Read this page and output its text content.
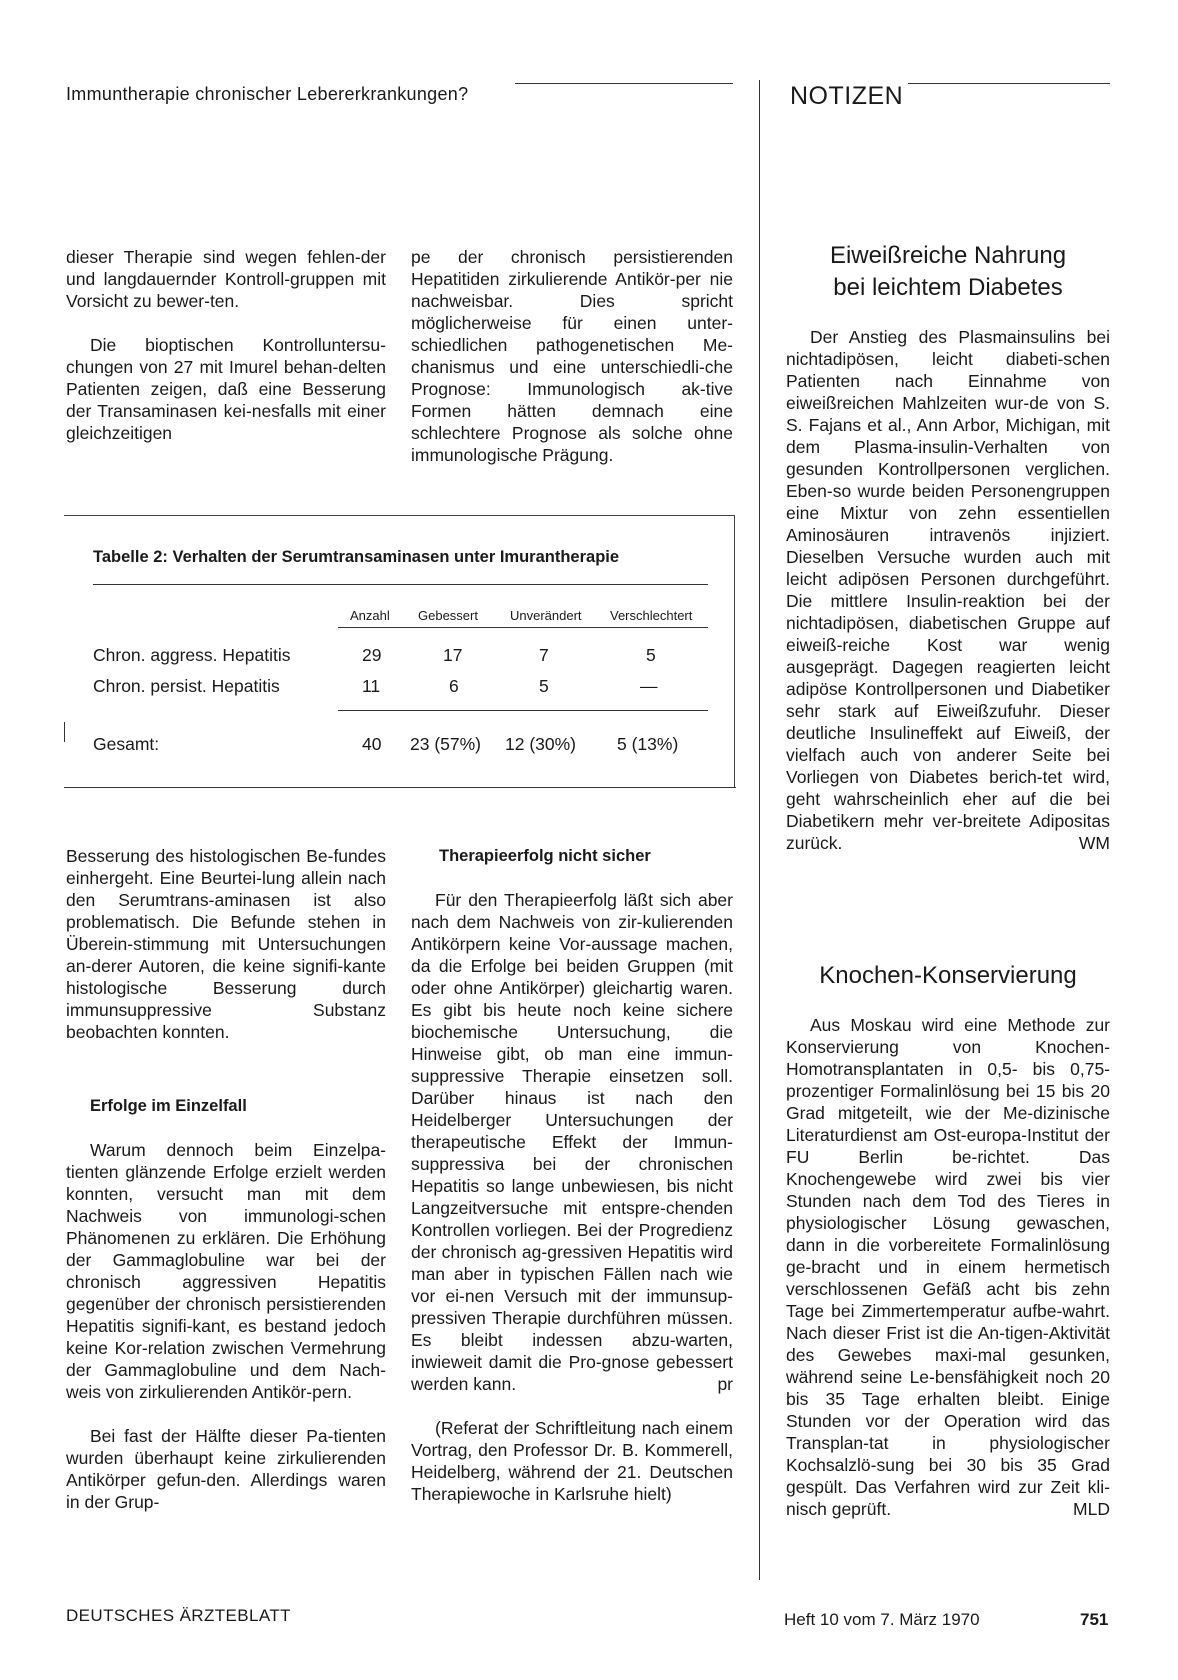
Immuntherapie chronischer Lebererkrankungen?	NOTIZEN

dieser Therapie sind wegen fehlen-der und langdauernder Kontroll-gruppen mit Vorsicht zu bewer-ten.

Die bioptischen Kontrolluntersu-chungen von 27 mit Imurel behan-delten Patienten zeigen, daß eine Besserung der Transaminasen kei-nesfalls mit einer gleichzeitigen

pe der chronisch persistierenden Hepatitiden zirkulierende Antikör-per nie nachweisbar. Dies spricht möglicherweise für einen unter-schiedlichen pathogenetischen Me-chanismus und eine unterschiedli-che Prognose: Immunologisch ak-tive Formen hätten demnach eine schlechtere Prognose als solche ohne immunologische Prägung.

Tabelle 2: Verhalten der Serumtransaminasen unter Imurantherapie
Anzahl Gebessert Unverändert Verschlechtert
Chron. aggress. Hepatitis	29	17	7	5
Chron. persist. Hepatitis	11	6	5	—
Gesamt:	40 23 (57%) 12 (30%) 5 (13%)

Besserung des histologischen Be-fundes einhergeht. Eine Beurtei-lung allein nach den Serumtrans-aminasen ist also problematisch. Die Befunde stehen in Überein-stimmung mit Untersuchungen an-derer Autoren, die keine signifi-kante histologische Besserung durch immunsuppressive Substanz beobachten konnten.

Erfolge im Einzelfall

Warum dennoch beim Einzelpa-tienten glänzende Erfolge erzielt werden konnten, versucht man mit dem Nachweis von immunologi-schen Phänomenen zu erklären. Die Erhöhung der Gammaglobuline war bei der chronisch aggressiven Hepatitis gegenüber der chronisch persistierenden Hepatitis signifi-kant, es bestand jedoch keine Kor-relation zwischen Vermehrung der Gammaglobuline und dem Nach-weis von zirkulierenden Antikör-pern.

Bei fast der Hälfte dieser Pa-tienten wurden überhaupt keine zirkulierenden Antikörper gefun-den. Allerdings waren in der Grup-

Therapieerfolg nicht sicher

Für den Therapieerfolg läßt sich aber nach dem Nachweis von zir-kulierenden Antikörpern keine Vor-aussage machen, da die Erfolge bei beiden Gruppen (mit oder ohne Antikörper) gleichartig waren. Es gibt bis heute noch keine sichere biochemische Untersuchung, die Hinweise gibt, ob man eine immun-suppressive Therapie einsetzen soll. Darüber hinaus ist nach den Heidelberger Untersuchungen der therapeutische Effekt der Immun-suppressiva bei der chronischen Hepatitis so lange unbewiesen, bis nicht Langzeitversuche mit entspre-chenden Kontrollen vorliegen. Bei der Progredienz der chronisch ag-gressiven Hepatitis wird man aber in typischen Fällen nach wie vor ei-nen Versuch mit der immunsup-pressiven Therapie durchführen müssen. Es bleibt indessen abzu-warten, inwieweit damit die Pro-gnose gebessert werden kann.	pr

(Referat der Schriftleitung nach einem Vortrag, den Professor Dr. B. Kommerell, Heidelberg, während der 21. Deutschen Therapiewoche in Karlsruhe hielt)

Eiweißreiche Nahrung

bei leichtem Diabetes

Der Anstieg des Plasmainsulins bei nichtadipösen, leicht diabeti-schen Patienten nach Einnahme von eiweißreichen Mahlzeiten wur-de von S. S. Fajans et al., Ann Arbor, Michigan, mit dem Plasma-insulin-Verhalten von gesunden Kontrollpersonen verglichen. Eben-so wurde beiden Personengruppen eine Mixtur von zehn essentiellen Aminosäuren intravenös injiziert. Dieselben Versuche wurden auch mit leicht adipösen Personen durchgeführt. Die mittlere Insulin-reaktion bei der nichtadipösen, diabetischen Gruppe auf eiweiß-reiche Kost war wenig ausgeprägt. Dagegen reagierten leicht adipöse Kontrollpersonen und Diabetiker sehr stark auf Eiweißzufuhr. Dieser deutliche Insulineffekt auf Eiweiß, der vielfach auch von anderer Seite bei Vorliegen von Diabetes berich-tet wird, geht wahrscheinlich eher auf die bei Diabetikern mehr ver-breitete Adipositas zurück.	WM

Knochen-Konservierung

Aus Moskau wird eine Methode zur Konservierung von Knochen-Homotransplantaten in 0,5- bis 0,75-prozentiger Formalinlösung bei 15 bis 20 Grad mitgeteilt, wie der Me-dizinische Literaturdienst am Ost-europa-Institut der FU Berlin be-richtet. Das Knochengewebe wird zwei bis vier Stunden nach dem Tod des Tieres in physiologischer Lösung gewaschen, dann in die vorbereitete Formalinlösung ge-bracht und in einem hermetisch verschlossenen Gefäß acht bis zehn Tage bei Zimmertemperatur aufbe-wahrt. Nach dieser Frist ist die An-tigen-Aktivität des Gewebes maxi-mal gesunken, während seine Le-bensfähigkeit noch 20 bis 35 Tage erhalten bleibt. Einige Stunden vor der Operation wird das Transplan-tat in physiologischer Kochsalzlö-sung bei 30 bis 35 Grad gespült. Das Verfahren wird zur Zeit kli-nisch geprüft.	MLD

DEUTSCHES ÄRZTEBLATT	Heft 10 vom 7. März 1970	751
